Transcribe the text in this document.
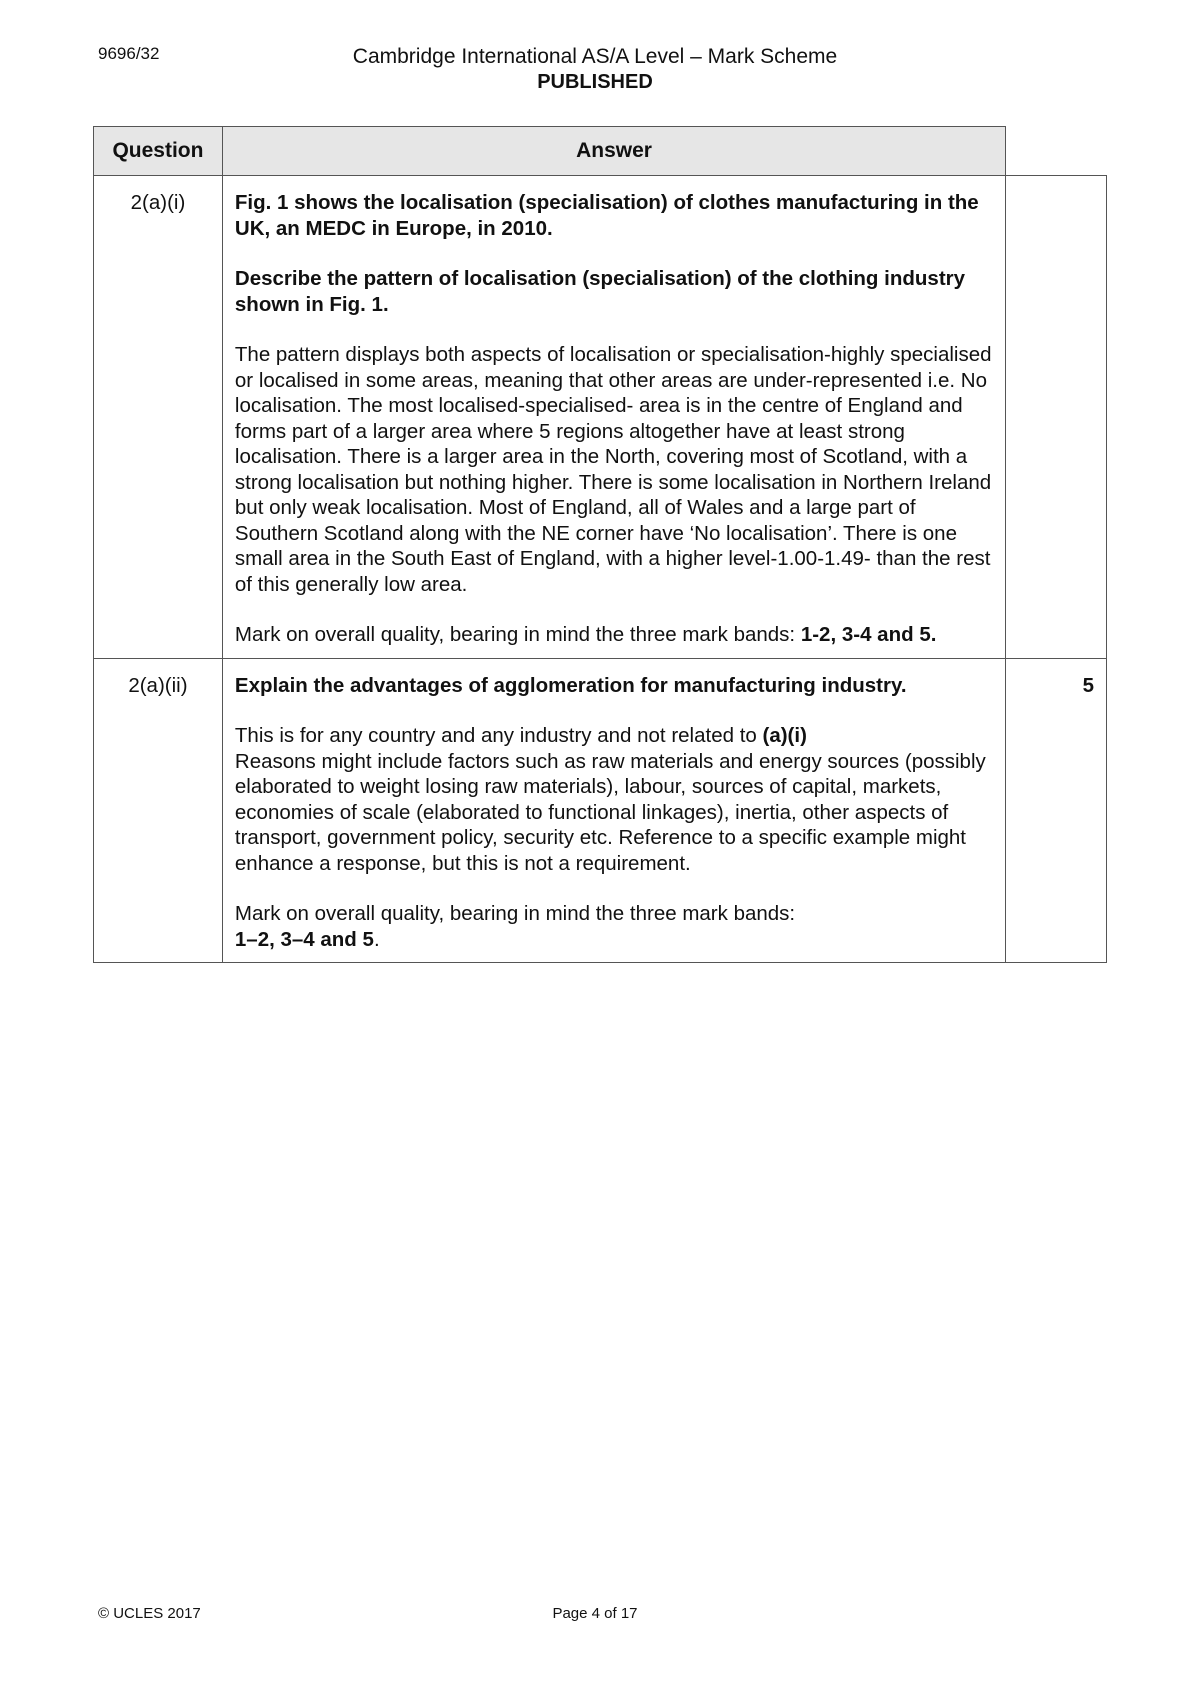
9696/32	Cambridge International AS/A Level – Mark Scheme
PUBLISHED
Question	Answer	
2(a)(i)	Fig. 1 shows the localisation (specialisation) of clothes manufacturing in the UK, an MEDC in Europe, in 2010.

Describe the pattern of localisation (specialisation) of the clothing industry shown in Fig. 1.

The pattern displays both aspects of localisation or specialisation-highly specialised or localised in some areas, meaning that other areas are under-represented i.e. No localisation. The most localised-specialised- area is in the centre of England and forms part of a larger area where 5 regions altogether have at least strong localisation. There is a larger area in the North, covering most of Scotland, with a strong localisation but nothing higher. There is some localisation in Northern Ireland but only weak localisation. Most of England, all of Wales and a large part of Southern Scotland along with the NE corner have ‘No localisation’. There is one small area in the South East of England, with a higher level-1.00-1.49- than the rest of this generally low area.

Mark on overall quality, bearing in mind the three mark bands: 1-2, 3-4 and 5.	

2(a)(ii)	Explain the advantages of agglomeration for manufacturing industry.

This is for any country and any industry and not related to (a)(i)
Reasons might include factors such as raw materials and energy sources (possibly elaborated to weight losing raw materials), labour, sources of capital, markets, economies of scale (elaborated to functional linkages), inertia, other aspects of transport, government policy, security etc. Reference to a specific example might enhance a response, but this is not a requirement.

Mark on overall quality, bearing in mind the three mark bands:
1–2, 3–4 and 5.	5
© UCLES 2017	Page 4 of 17
